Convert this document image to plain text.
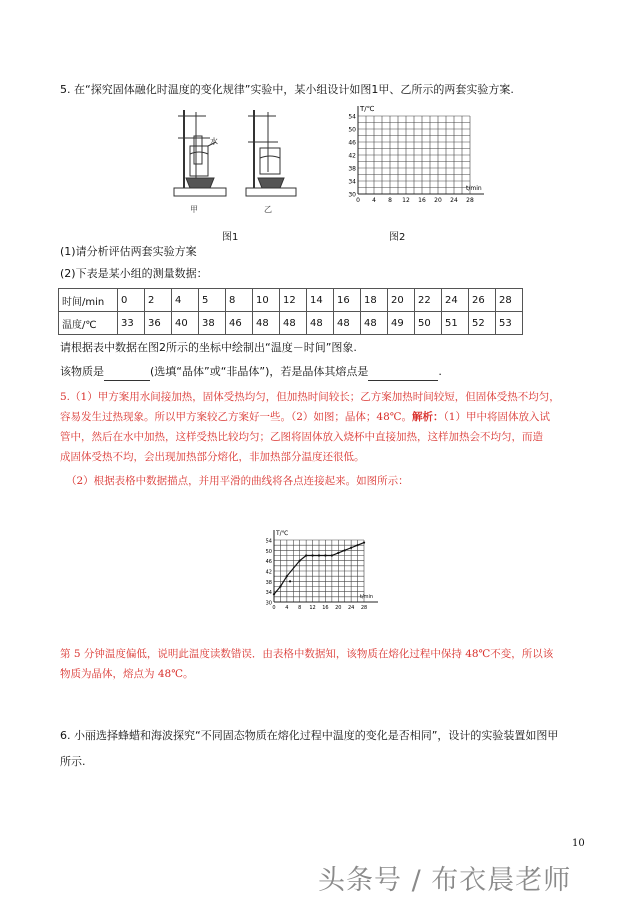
5. 在“探究固体融化时温度的变化规律”实验中，某小组设计如图1甲、乙所示的两套实验方案.
水
甲	乙
图1
T/℃
t/min
54
50
46
42
38
34
30
0 4 8 12 16 20 24 28
图2
(1)请分析评估两套实验方案
(2)下表是某小组的测量数据：
时间/min	0	2	4	5	8	10	12	14	16	18	20	22	24	26	28
温度/℃	33	36	40	38	46	48	48	48	48	48	49	50	51	52	53
请根据表中数据在图2所示的坐标中绘制出“温度－时间”图象.
该物质是	(选填“晶体”或“非晶体”)，若是晶体其熔点是	.
5.（1）甲方案用水间接加热，固体受热均匀，但加热时间较长；乙方案加热时间较短，但固体受热不均匀，
容易发生过热现象。所以甲方案较乙方案好一些。（2）如图；晶体；48℃。解析：（1）甲中将固体放入试
管中，然后在水中加热，这样受热比较均匀；乙图将固体放入烧杯中直接加热，这样加热会不均匀，而造
成固体受热不均，会出现加热部分熔化，非加热部分温度还很低。
（2）根据表格中数据描点，并用平滑的曲线将各点连接起来。如图所示：
T/℃
t/min
54
50
46
42
38
34
30
0 4 8 12 16 20 24 28
第 5 分钟温度偏低，说明此温度读数错误．由表格中数据知，该物质在熔化过程中保持 48℃不变，所以该
物质为晶体，熔点为 48℃。
6. 小丽选择蜂蜡和海波探究“不同固态物质在熔化过程中温度的变化是否相同”，设计的实验装置如图甲
所示.
10
头条号 / 布衣晨老师
